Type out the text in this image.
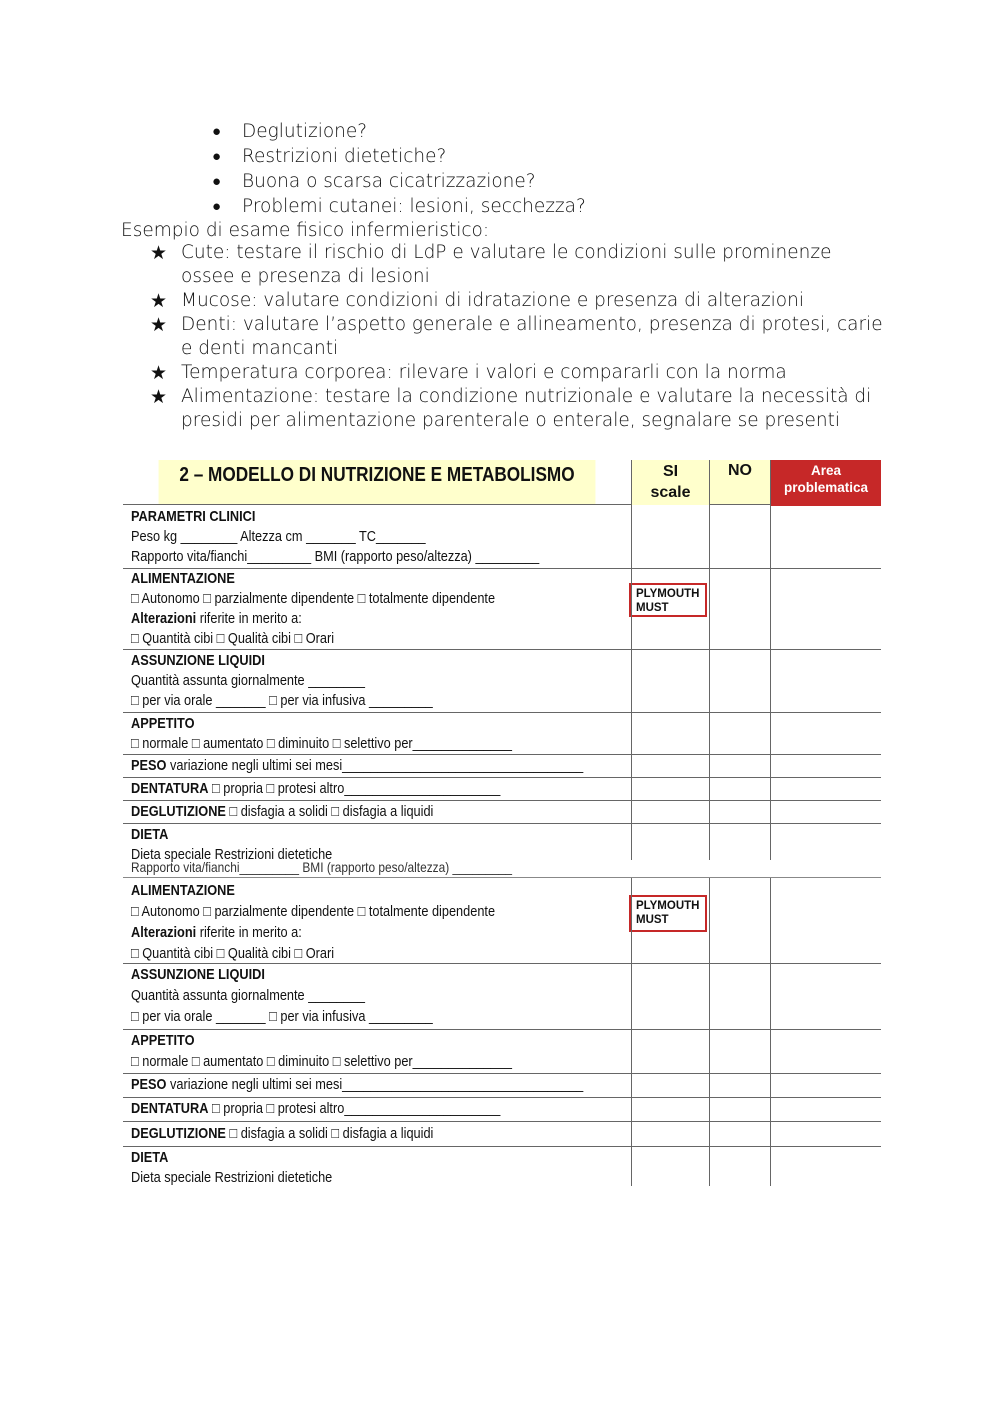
● Deglutizione?
● Restrizioni dietetiche?
● Buona o scarsa cicatrizzazione?
● Problemi cutanei: lesioni, secchezza?

Esempio di esame fisico infermieristico:

★ Cute: testare il rischio di LdP e valutare le condizioni sulle prominenze ossee e presenza di lesioni
★ Mucose: valutare condizioni di idratazione e presenza di alterazioni
★ Denti: valutare l’aspetto generale e allineamento, presenza di protesi, carie e denti mancanti
★ Temperatura corporea: rilevare i valori e compararli con la norma
★ Alimentazione: testare la condizione nutrizionale e valutare la necessità di presidi per alimentazione parenterale o enterale, segnalare se presenti
2 – MODELLO DI NUTRIZIONE E METABOLISMO	SI
scale
NO	Area
problematica
PARAMETRI CLINICI
Peso kg ________ Altezza cm _______ TC_______
Rapporto vita/fianchi_________ BMI (rapporto peso/altezza) _________
ALIMENTAZIONE
□ Autonomo □ parzialmente dipendente □ totalmente dipendente
Alterazioni riferite in merito a:
□ Quantità cibi □ Qualità cibi □ Orari
PLYMOUTH
MUST
ASSUNZIONE LIQUIDI
Quantità assunta giornalmente ________
□ per via orale _______ □ per via infusiva _________
APPETITO
□ normale □ aumentato □ diminuito □ selettivo per______________
PESO variazione negli ultimi sei mesi__________________________________
DENTATURA □ propria □ protesi altro______________________
DEGLUTIZIONE □ disfagia a solidi □ disfagia a liquidi
DIETA
Dieta speciale Restrizioni dietetiche
Rapporto vita/fianchi_________ BMI (rapporto peso/altezza) _________
ALIMENTAZIONE
□ Autonomo □ parzialmente dipendente □ totalmente dipendente
Alterazioni riferite in merito a:
□ Quantità cibi □ Qualità cibi □ Orari
PLYMOUTH
MUST
ASSUNZIONE LIQUIDI
Quantità assunta giornalmente ________
□ per via orale _______ □ per via infusiva _________
APPETITO
□ normale □ aumentato □ diminuito □ selettivo per______________
PESO variazione negli ultimi sei mesi__________________________________
DENTATURA □ propria □ protesi altro______________________
DEGLUTIZIONE □ disfagia a solidi □ disfagia a liquidi
DIETA
Dieta speciale Restrizioni dietetiche
